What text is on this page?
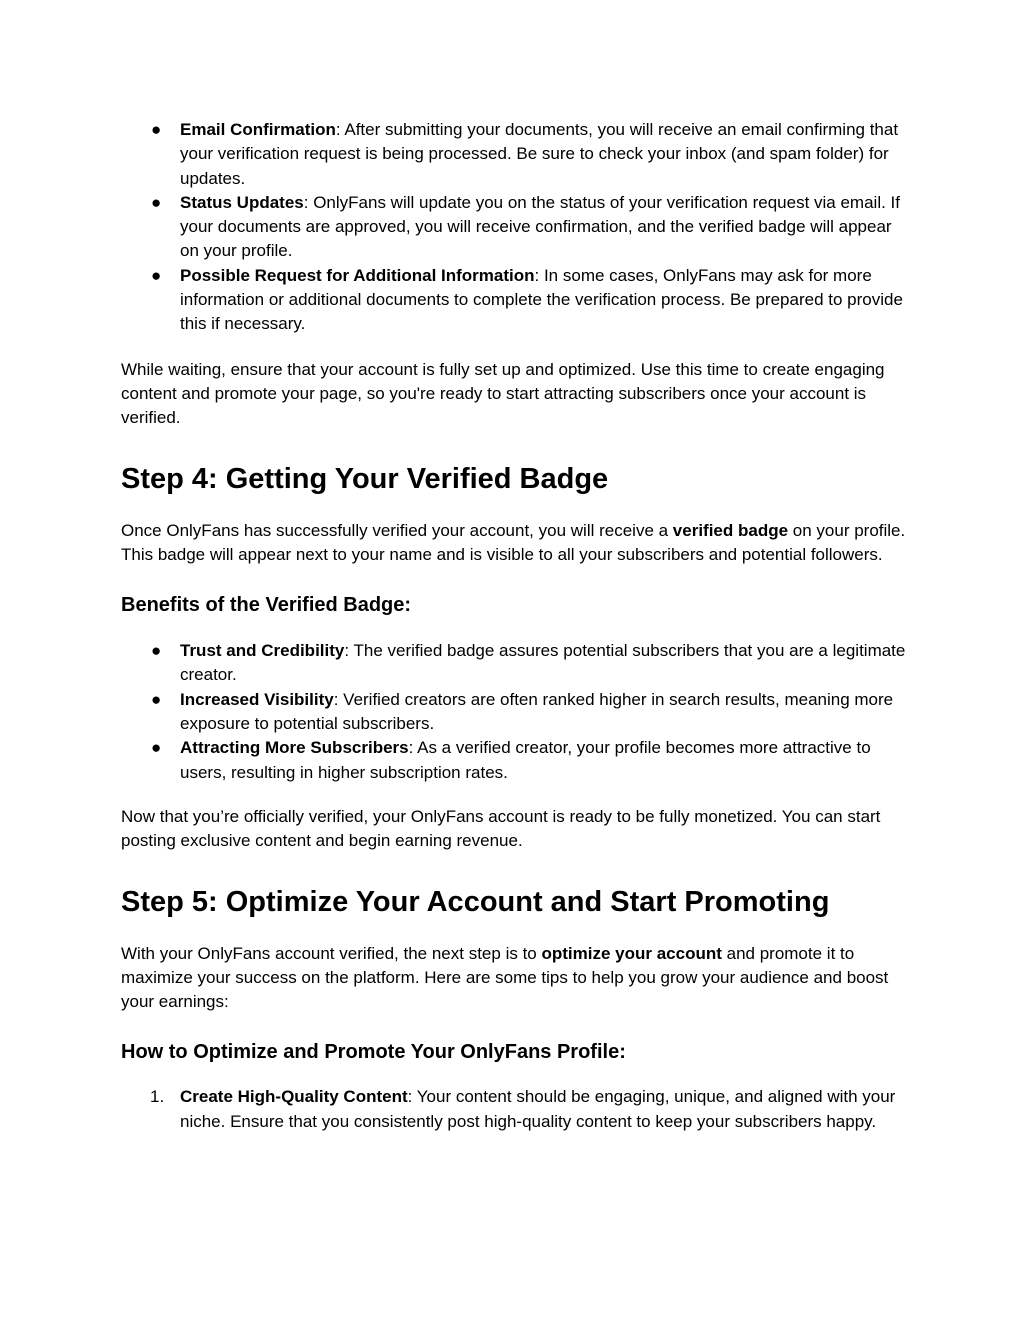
● Email Confirmation: After submitting your documents, you will receive an email confirming that your verification request is being processed. Be sure to check your inbox (and spam folder) for updates.
● Status Updates: OnlyFans will update you on the status of your verification request via email. If your documents are approved, you will receive confirmation, and the verified badge will appear on your profile.
● Possible Request for Additional Information: In some cases, OnlyFans may ask for more information or additional documents to complete the verification process. Be prepared to provide this if necessary.

While waiting, ensure that your account is fully set up and optimized. Use this time to create engaging content and promote your page, so you're ready to start attracting subscribers once your account is verified.

Step 4: Getting Your Verified Badge

Once OnlyFans has successfully verified your account, you will receive a verified badge on your profile. This badge will appear next to your name and is visible to all your subscribers and potential followers.

Benefits of the Verified Badge:
● Trust and Credibility: The verified badge assures potential subscribers that you are a legitimate creator.
● Increased Visibility: Verified creators are often ranked higher in search results, meaning more exposure to potential subscribers.
● Attracting More Subscribers: As a verified creator, your profile becomes more attractive to users, resulting in higher subscription rates.

Now that you’re officially verified, your OnlyFans account is ready to be fully monetized. You can start posting exclusive content and begin earning revenue.

Step 5: Optimize Your Account and Start Promoting

With your OnlyFans account verified, the next step is to optimize your account and promote it to maximize your success on the platform. Here are some tips to help you grow your audience and boost your earnings:

How to Optimize and Promote Your OnlyFans Profile:
1. Create High-Quality Content: Your content should be engaging, unique, and aligned with your niche. Ensure that you consistently post high-quality content to keep your subscribers happy.
